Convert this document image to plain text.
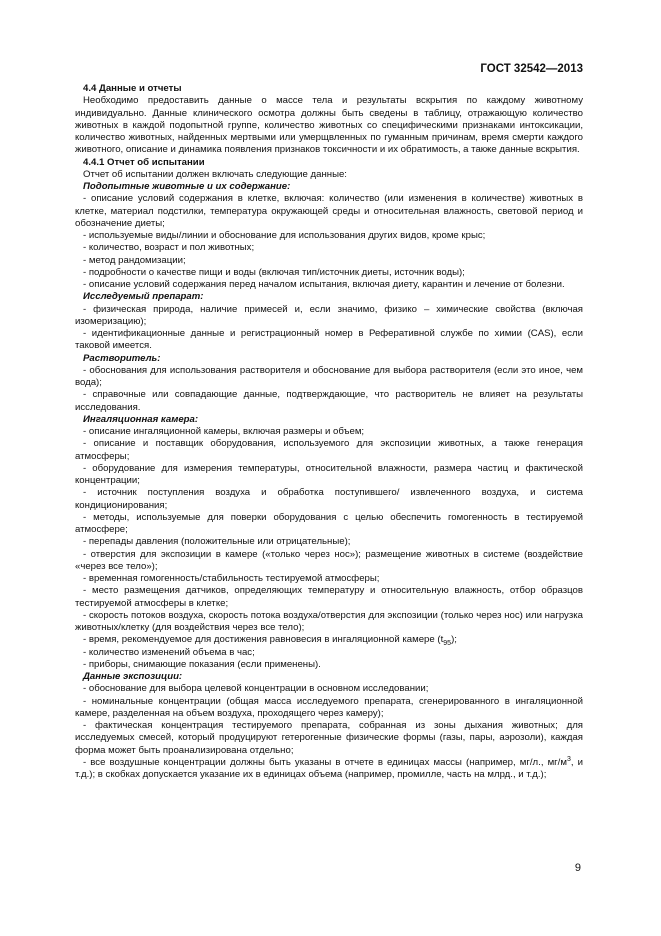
ГОСТ 32542—2013

4.4 Данные и отчеты

Необходимо предоставить данные о массе тела и результаты вскрытия по каждому животному индивидуально. Данные клинического осмотра должны быть сведены в таблицу, отражающую количество животных в каждой подопытной группе, количество животных со специфическими признаками интоксикации, количество животных, найденных мертвыми или умерщвленных по гуманным причинам, время смерти каждого животного, описание и динамика появления признаков токсичности и их обратимость, а также данные вскрытия.

4.4.1 Отчет об испытании

Отчет об испытании должен включать следующие данные:

Подопытные животные и их содержание:

- описание условий содержания в клетке, включая: количество (или изменения в количестве) животных в клетке, материал подстилки, температура окружающей среды и относительная влажность, световой период и обозначение диеты;

- используемые виды/линии и обоснование для использования других видов, кроме крыс;

- количество, возраст и пол животных;

- метод рандомизации;

- подробности о качестве пищи и воды (включая тип/источник диеты, источник воды);

- описание условий содержания перед началом испытания, включая диету, карантин и лечение от болезни.

Исследуемый препарат:

- физическая природа, наличие примесей и, если значимо, физико – химические свойства (включая изомеризацию);

- идентификационные данные и регистрационный номер в Реферативной службе по химии (CAS), если таковой имеется.

Растворитель:

- обоснования для использования растворителя и обоснование для выбора растворителя (если это иное, чем вода);

- справочные или совпадающие данные, подтверждающие, что растворитель не влияет на результаты исследования.

Ингаляционная камера:

- описание ингаляционной камеры, включая размеры и объем;

- описание и поставщик оборудования, используемого для экспозиции животных, а также генерация атмосферы;

- оборудование для измерения температуры, относительной влажности, размера частиц и фактической концентрации;

- источник поступления воздуха и обработка поступившего/ извлеченного воздуха, и система кондиционирования;

- методы, используемые для поверки оборудования с целью обеспечить гомогенность в тестируемой атмосфере;

- перепады давления (положительные или отрицательные);

- отверстия для экспозиции в камере («только через нос»); размещение животных в системе (воздействие «через все тело»);

- временная гомогенность/стабильность тестируемой атмосферы;

- место размещения датчиков, определяющих температуру и относительную влажность, отбор образцов тестируемой атмосферы в клетке;

- скорость потоков воздуха, скорость потока воздуха/отверстия для экспозиции (только через нос) или нагрузка животных/клетку (для воздействия через все тело);

- время, рекомендуемое для достижения равновесия в ингаляционной камере $(t_{95})$;

- количество изменений объема в час;

- приборы, снимающие показания (если применены).

Данные экспозиции:

- обоснование для выбора целевой концентрации в основном исследовании;

- номинальные концентрации (общая масса исследуемого препарата, сгенерированного в ингаляционной камере, разделенная на объем воздуха, проходящего через камеру);

- фактическая концентрация тестируемого препарата, собранная из зоны дыхания животных; для исследуемых смесей, который продуцируют гетерогенные физические формы (газы, пары, аэрозоли), каждая форма может быть проанализирована отдельно;

- все воздушные концентрации должны быть указаны в отчете в единицах массы (например, мг/л., $мг/м^3$, и т.д.); в скобках допускается указание их в единицах объема (например, промилле, часть на млрд., и т.д.);

9
